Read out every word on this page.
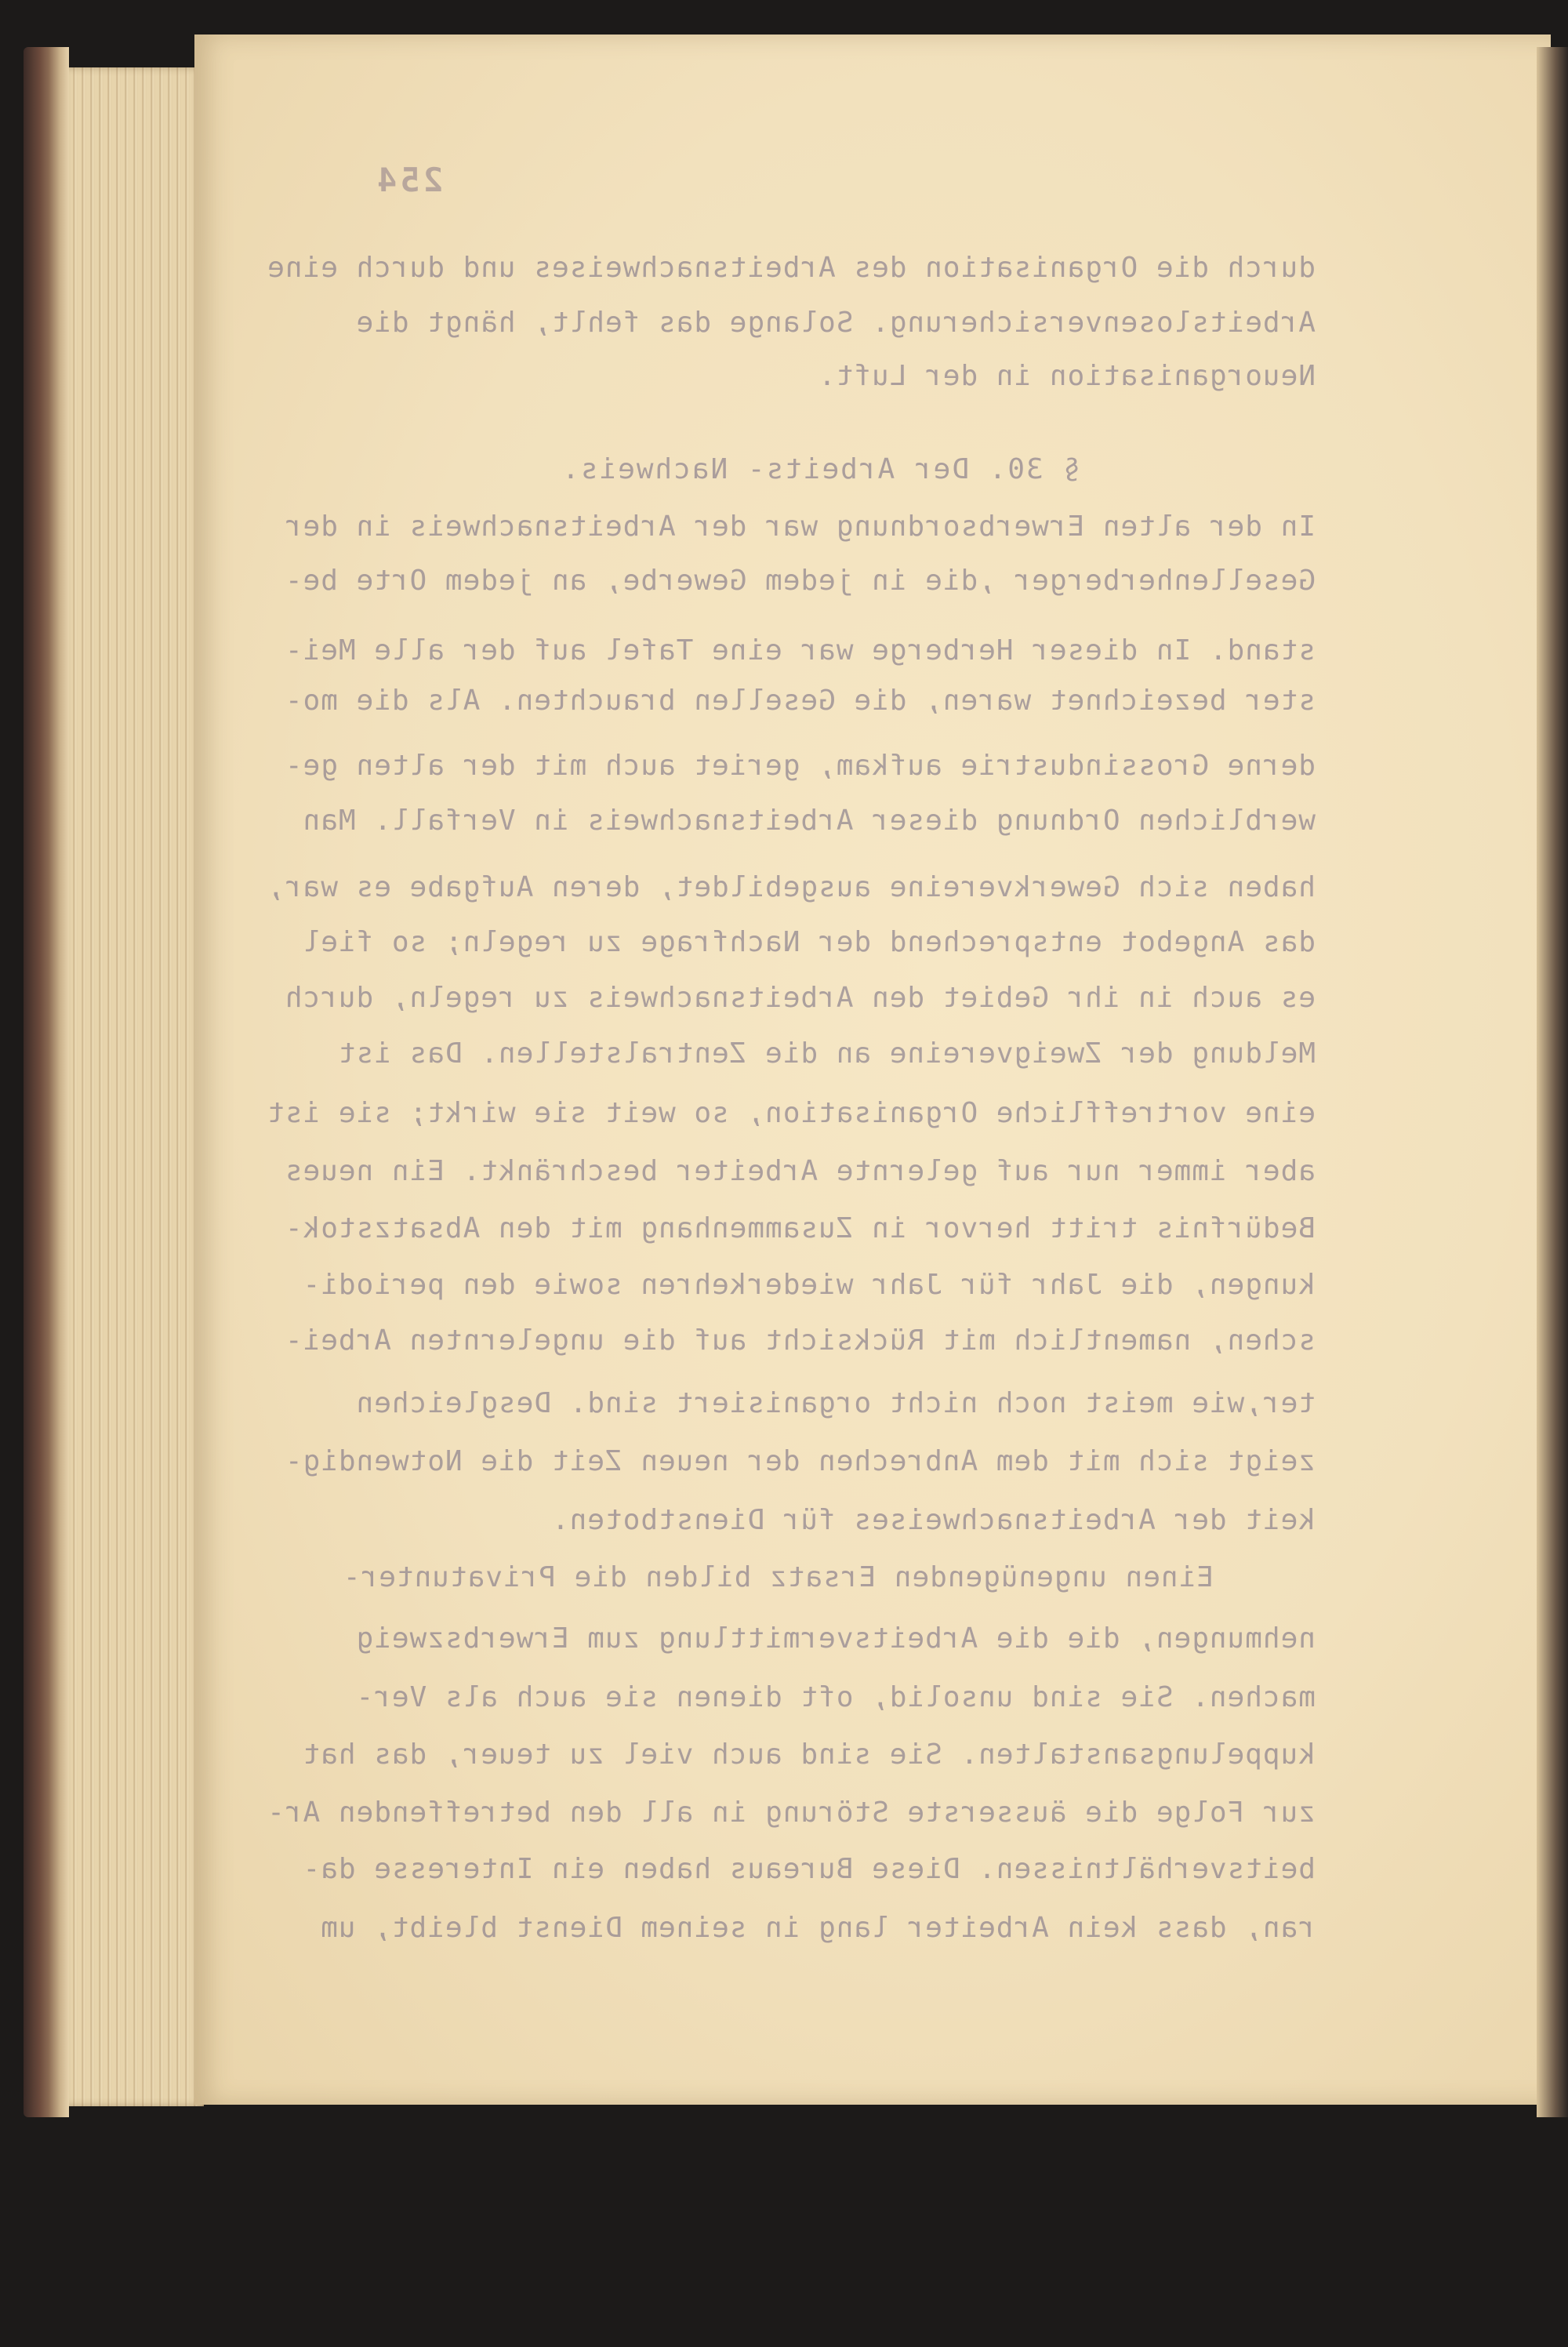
254
durch die Organisation des Arbeitsnachweises und durch eine
Arbeitslosenversicherung. Solange das fehlt, hängt die
Neuorganisation in der Luft.
§ 30. Der Arbeits- Nachweis.
In der alten Erwerbsordnung war der Arbeitsnachweis in der
Gesellenherberger ,die in jedem Gewerbe, an jedem Orte be-
stand. In dieser Herberge war eine Tafel auf der alle Mei-
ster bezeichnet waren, die Gesellen brauchten. Als die mo-
derne Grossindustrie aufkam, geriet auch mit der alten ge-
werblichen Ordnung dieser Arbeitsnachweis in Verfall. Man
haben sich Gewerkvereine ausgebildet, deren Aufgabe es war,
das Angebot entsprechend der Nachfrage zu regeln; so fiel
es auch in ihr Gebiet den Arbeitsnachweis zu regeln, durch
Meldung der Zweigvereine an die Zentralstellen. Das ist
eine vortreffliche Organisation, so weit sie wirkt; sie ist
aber immer nur auf gelernte Arbeiter beschränkt. Ein neues
Bedürfnis tritt hervor in Zusammenhang mit den Absatzstok-
kungen, die Jahr für Jahr wiederkehren sowie den periodi-
schen, namentlich mit Rücksicht auf die ungelernten Arbei-
ter,wie meist noch nicht organisiert sind. Desgleichen
zeigt sich mit dem Anbrechen der neuen Zeit die Notwendig-
keit der Arbeitsnachweises für Dienstboten.
Einen ungenügenden Ersatz bilden die Privatunter-
nehmungen, die die Arbeitsvermittlung zum Erwerbszweig
machen. Sie sind unsolid, oft dienen sie auch als Ver-
kuppelungsanstalten. Sie sind auch viel zu teuer, das hat
zur Folge die äusserste Störung in all den betreffenden Ar-
beitsverhältnissen. Diese Bureaus haben ein Interesse da-
ran, dass kein Arbeiter lang in seinem Dienst bleibt, um
